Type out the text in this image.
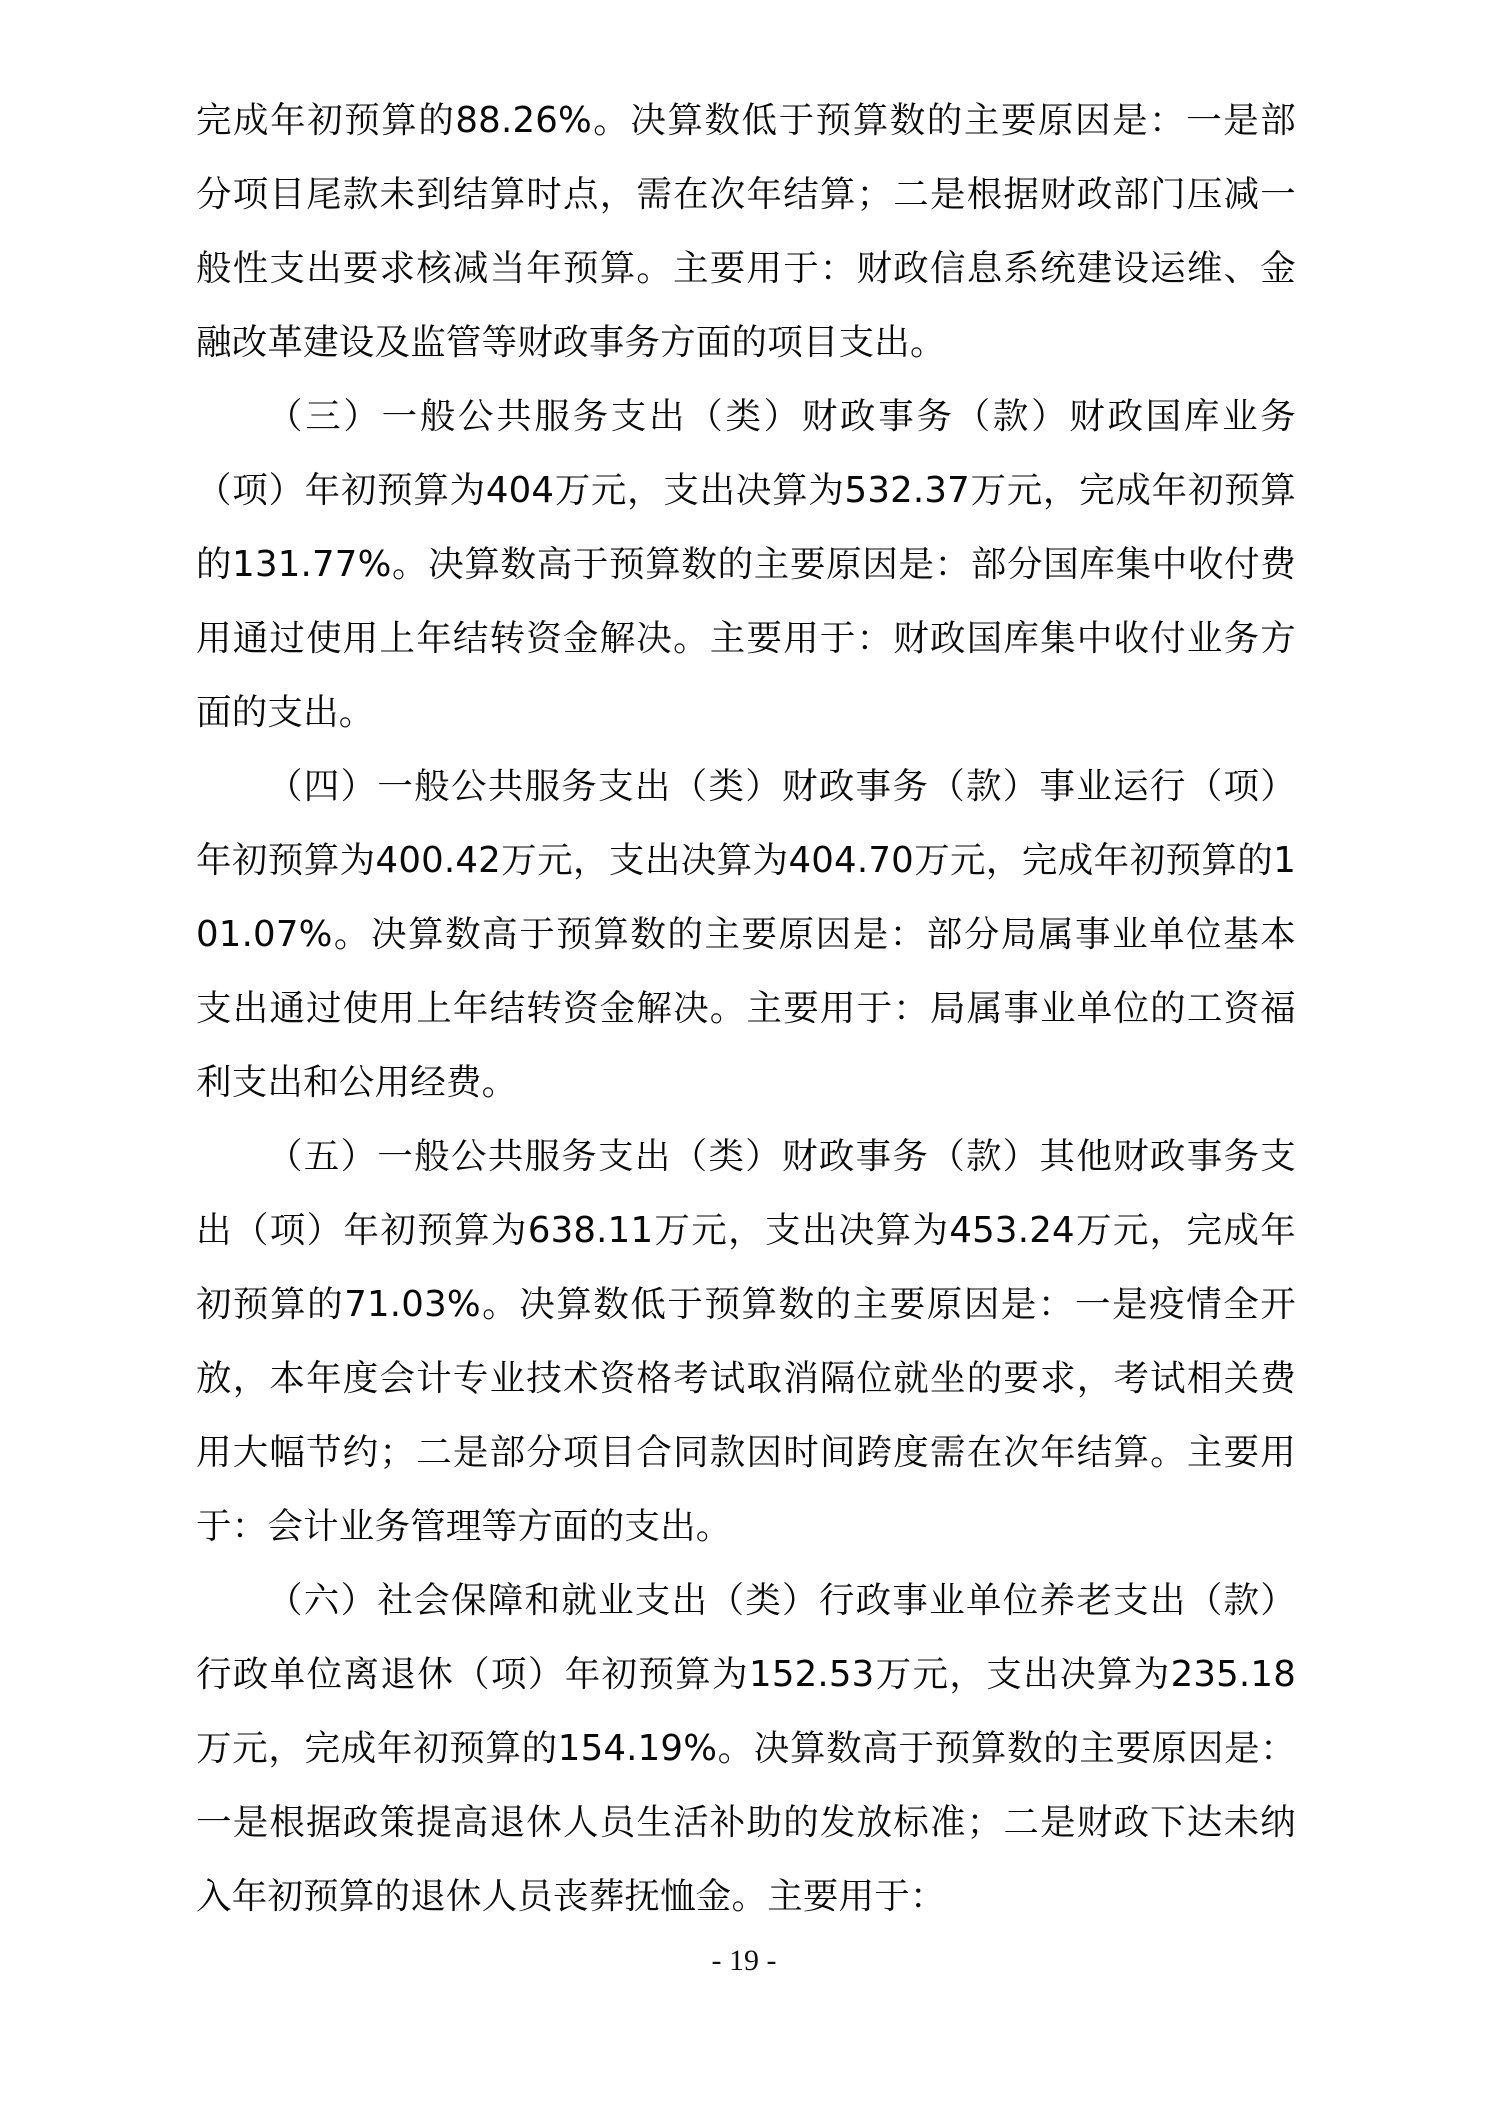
完成年初预算的88.26%。决算数低于预算数的主要原因是：一是部分项目尾款未到结算时点，需在次年结算；二是根据财政部门压减一般性支出要求核减当年预算。主要用于：财政信息系统建设运维、金融改革建设及监管等财政事务方面的项目支出。

（三）一般公共服务支出（类）财政事务（款）财政国库业务（项）年初预算为404万元，支出决算为532.37万元，完成年初预算的131.77%。决算数高于预算数的主要原因是：部分国库集中收付费用通过使用上年结转资金解决。主要用于：财政国库集中收付业务方面的支出。

（四）一般公共服务支出（类）财政事务（款）事业运行（项）年初预算为400.42万元，支出决算为404.70万元，完成年初预算的101.07%。决算数高于预算数的主要原因是：部分局属事业单位基本支出通过使用上年结转资金解决。主要用于：局属事业单位的工资福利支出和公用经费。

（五）一般公共服务支出（类）财政事务（款）其他财政事务支出（项）年初预算为638.11万元，支出决算为453.24万元，完成年初预算的71.03%。决算数低于预算数的主要原因是：一是疫情全开放，本年度会计专业技术资格考试取消隔位就坐的要求，考试相关费用大幅节约；二是部分项目合同款因时间跨度需在次年结算。主要用于：会计业务管理等方面的支出。

（六）社会保障和就业支出（类）行政事业单位养老支出（款）行政单位离退休（项）年初预算为152.53万元，支出决算为235.18万元，完成年初预算的154.19%。决算数高于预算数的主要原因是：一是根据政策提高退休人员生活补助的发放标准；二是财政下达未纳入年初预算的退休人员丧葬抚恤金。主要用于：

- 19 -
